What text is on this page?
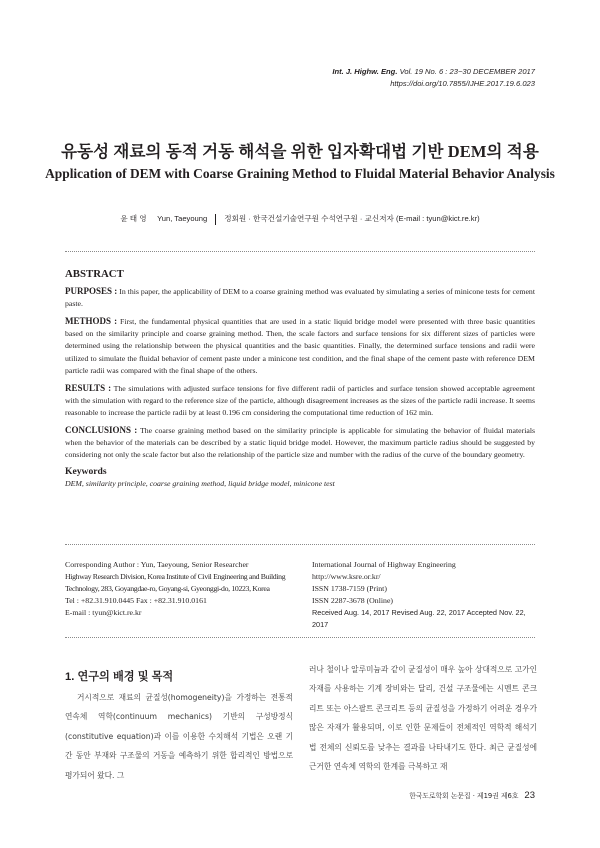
Int. J. Highw. Eng. Vol. 19 No. 6 : 23~30 DECEMBER 2017
https://doi.org/10.7855/IJHE.2017.19.6.023
유동성 재료의 동적 거동 해석을 위한 입자확대법 기반 DEM의 적용
Application of DEM with Coarse Graining Method to Fluidal Material Behavior Analysis
윤 태 영 Yun, Taeyoung 정회원 · 한국건설기술연구원 수석연구원 · 교신저자 (E-mail : tyun@kict.re.kr)
ABSTRACT

PURPOSES : In this paper, the applicability of DEM to a coarse graining method was evaluated by simulating a series of minicone tests for cement paste.

METHODS : First, the fundamental physical quantities that are used in a static liquid bridge model were presented with three basic quantities based on the similarity principle and coarse graining method. Then, the scale factors and surface tensions for six different sizes of particles were determined using the relationship between the physical quantities and the basic quantities. Finally, the determined surface tensions and radii were utilized to simulate the fluidal behavior of cement paste under a minicone test condition, and the final shape of the cement paste with reference DEM particle radii was compared with the final shape of the others.

RESULTS : The simulations with adjusted surface tensions for five different radii of particles and surface tension showed acceptable agreement with the simulation with regard to the reference size of the particle, although disagreement increases as the sizes of the particle radii increase. It seems reasonable to increase the particle radii by at least 0.196 cm considering the computational time reduction of 162 min.

CONCLUSIONS : The coarse graining method based on the similarity principle is applicable for simulating the behavior of fluidal materials when the behavior of the materials can be described by a static liquid bridge model. However, the maximum particle radius should be suggested by considering not only the scale factor but also the relationship of the particle size and number with the radius of the curve of the boundary geometry.

Keywords
DEM, similarity principle, coarse graining method, liquid bridge model, minicone test
Corresponding Author : Yun, Taeyoung, Senior Researcher
Highway Research Division, Korea Institute of Civil Engineering and Building
Technology, 283, Goyangdae-ro, Goyang-si, Gyeonggi-do, 10223, Korea
Tel : +82.31.910.0445 Fax : +82.31.910.0161
E-mail : tyun@kict.re.kr
International Journal of Highway Engineering
http://www.ksre.or.kr/
ISSN 1738-7159 (Print)
ISSN 2287-3678 (Online)
Received Aug. 14, 2017 Revised Aug. 22, 2017 Accepted Nov. 22, 2017
1. 연구의 배경 및 목적
거시적으로 재료의 균질성(homogeneity)을 가정하는 전통적 연속체 역학(continuum mechanics) 기반의 구성방정식(constitutive equation)과 이를 이용한 수치해석 기법은 오랜 기간 동안 부재와 구조물의 거동을 예측하기 위한 합리적인 방법으로 평가되어 왔다. 그
러나 철이나 알루미늄과 같이 균질성이 매우 높아 상대적으로 고가인 자재를 사용하는 기계 장비와는 달리, 건설 구조물에는 시멘트 콘크리트 또는 아스팔트 콘크리트 등의 균질성을 가정하기 어려운 경우가 많은 자재가 활용되며, 이로 인한 문제들이 전체적인 역학적 해석기법 전체의 신뢰도를 낮추는 결과를 나타내기도 한다. 최근 균질성에 근거한 연속체 역학의 한계를 극복하고 재
한국도로학회 논문집 · 제19권 제6호 23
